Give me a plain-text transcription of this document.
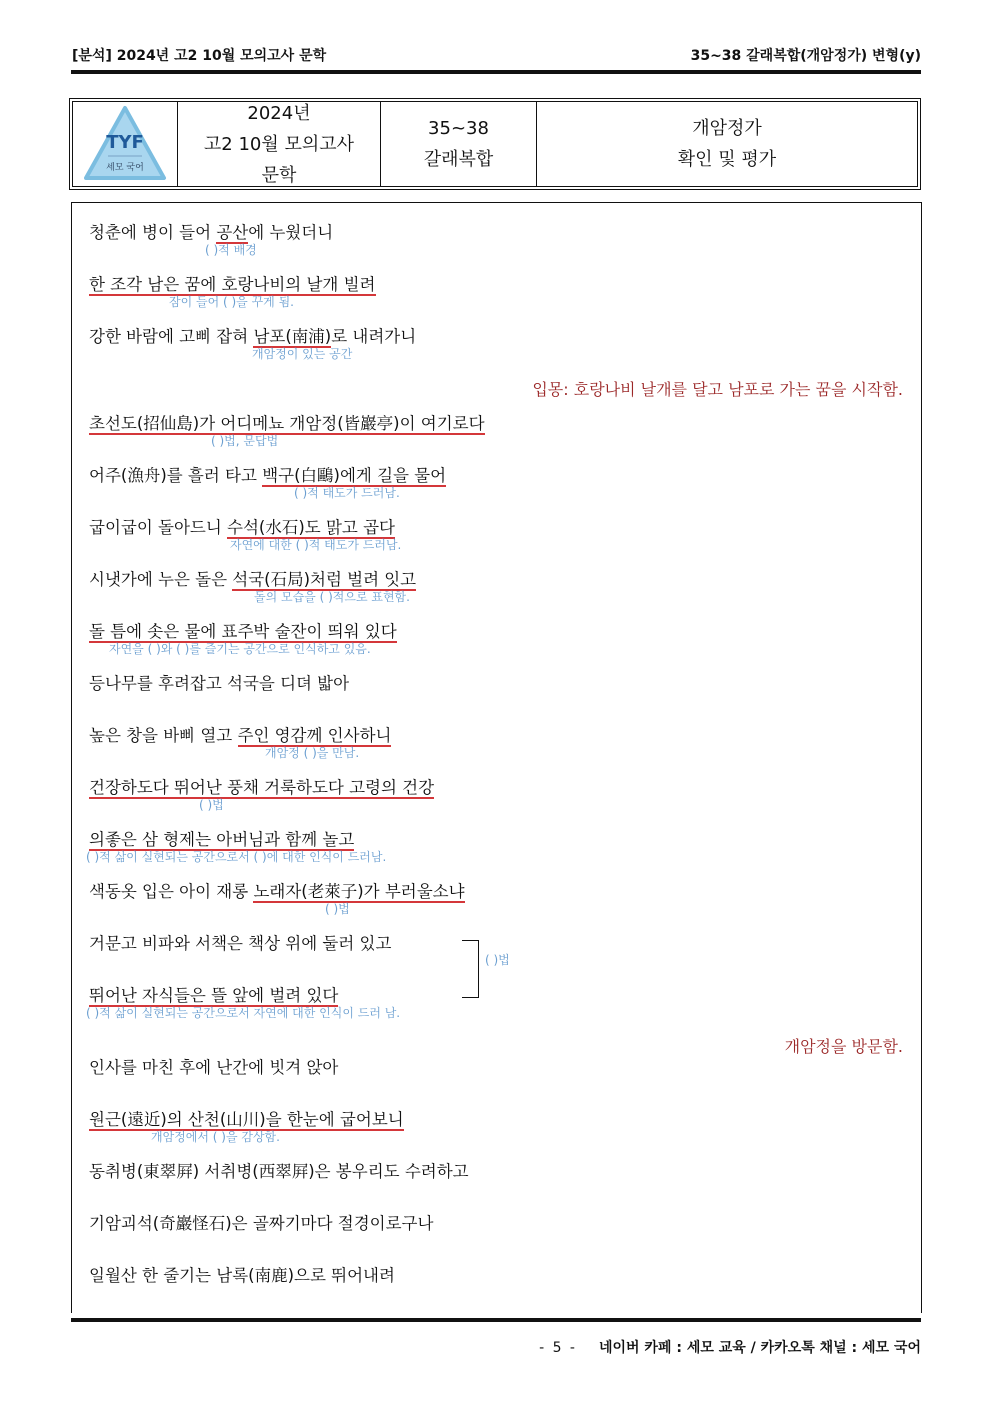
[분석] 2024년 고2 10월 모의고사 문학	35~38 갈래복합(개암정가) 변형(y)
TYF
세모 국어
2024년
고2 10월 모의고사
문학
35~38
갈래복합
개암정가
확인 및 평가
청춘에 병이 들어 공산에 누웠더니
( )적 배경
한 조각 남은 꿈에 호랑나비의 날개 빌려
잠이 들어 ( )을 꾸게 됨.
강한 바람에 고삐 잡혀 남포(南浦)로 내려가니
개암정이 있는 공간
입몽: 호랑나비 날개를 달고 남포로 가는 꿈을 시작함.
초선도(招仙島)가 어디메뇨 개암정(皆巖亭)이 여기로다
( )법, 문답법
어주(漁舟)를 흘러 타고 백구(白鷗)에게 길을 물어
( )적 태도가 드러남.
굽이굽이 돌아드니 수석(水石)도 맑고 곱다
자연에 대한 ( )적 태도가 드러남.
시냇가에 누은 돌은 석국(石局)처럼 벌려 잇고
돌의 모습을 ( )적으로 표현함.
돌 틈에 솟은 물에 표주박 술잔이 띄워 있다
자연을 ( )와 ( )를 즐기는 공간으로 인식하고 있음.
등나무를 후려잡고 석국을 디뎌 밟아
높은 창을 바삐 열고 주인 영감께 인사하니
개암정 ( )을 만남.
건장하도다 뛰어난 풍채 거룩하도다 고령의 건강
( )법
의좋은 삼 형제는 아버님과 함께 놀고
( )적 삶이 실현되는 공간으로서 ( )에 대한 인식이 드러남.
색동옷 입은 아이 재롱 노래자(老萊子)가 부러울소냐
( )법
거문고 비파와 서책은 책상 위에 둘러 있고
( )법
뛰어난 자식들은 뜰 앞에 벌려 있다
( )적 삶이 실현되는 공간으로서 자연에 대한 인식이 드러 남.
개암정을 방문함.
인사를 마친 후에 난간에 빗겨 앉아
원근(遠近)의 산천(山川)을 한눈에 굽어보니
개암정에서 ( )을 감상함.
동취병(東翠屛) 서취병(西翠屛)은 봉우리도 수려하고
기암괴석(奇巖怪石)은 골짜기마다 절경이로구나
일월산 한 줄기는 남록(南鹿)으로 뛰어내려
- 5 - 네이버 카페 : 세모 교육 / 카카오톡 채널 : 세모 국어
